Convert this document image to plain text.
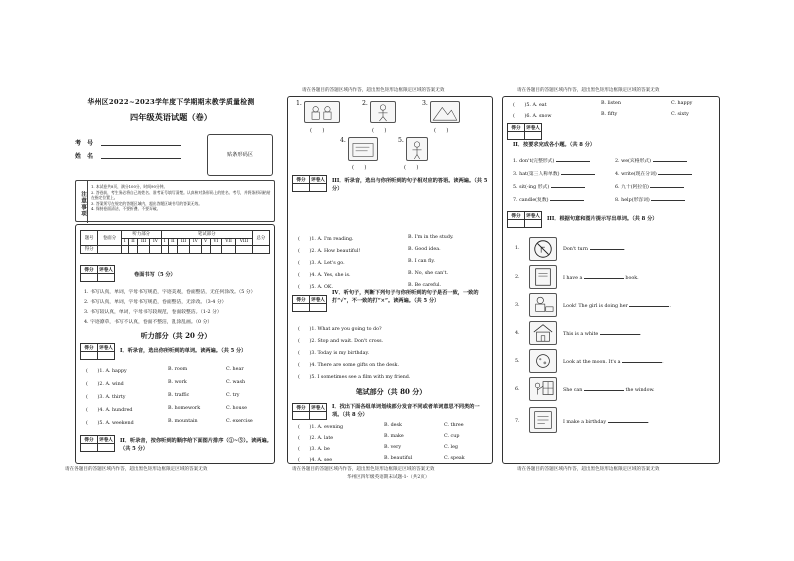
请在各题目的答题区域内作答，超出黑色矩形边框限定区域的答案无效	请在各题目的答题区域内作答，超出黑色矩形边框限定区域的答案无效
请在各题目的答题区域内作答，超出黑色矩形边框限定区域的答案无效	请在各题目的答题区域内作答，超出黑色矩形边框限定区域的答案无效	请在各题目的答题区域内作答，超出黑色矩形边框限定区域的答案无效
华州区四年级英语期末试题-1-（共2页）
华州区2022~2023学年度下学期期末教学质量检测
四年级英语试题（卷）
考　号
姓　名	贴条形码区
注意事项
1. 本试卷共8页，满分100分，时间90分钟。
2. 答卷前，考生务必将自己的姓名、准考证号填写清楚。认真核对条形码上的姓名、考号，并将条形码粘贴在指定位置上。
3. 答案须写在规定的答题区域内，超出答题区域书写的答案无效。
4. 保持卷面清洁，不要折叠、不要弄破。
题号	卷面分	听力部分				笔试部分								总分
		I	II	III	IV	I	II	III	IV	V	VI	VII	VIII	
得分														
得分	评卷人

卷面书写（5 分）
1. 书写认真，单词，字母书写规范，字迹美观，卷面整洁，无任何涂改。（5 分）
2. 书写认真，单词，字母书写规范，卷面整洁，无涂改。（3-4 分）
3. 书写较认真，单词，字母书写较规范，卷面较整洁。（1-2 分）
4. 字迹潦草，书写不认真，卷面不整洁，乱涂乱画。（0 分）
听力部分（共 20 分）
得分	评卷人
	I．听录音，选出你所听到的单词。读两遍。（共 5 分）
(　　)1. A. happy	B. room	C. hear
(　　)2. A. wind	B. work	C. wash
(　　)3. A. thirty	B. traffic	C. try
(　　)4. A. hundred	B. homework	C. house
(　　)5. A. weekend	B. mountain	C. exercise
得分	评卷人
	II．听录音，按你听到的顺序给下面图片排序（①~⑤）。读两遍。（共 5 分）
1.
(　　)
2.
(　　)
3.
(　　)
4.
(　　)
5.
(　　)
得分	评卷人
	III．听录音，选出与你所听到的句子相对应的答语。读两遍。（共 5 分）
(　　)1. A. I'm reading.	B. I'm in the study.
(　　)2. A. How beautiful!	B. Good idea.
(　　)3. A. Let's go.	B. I can fly.
(　　)4. A. Yes, she is.	B. No, she can't.
(　　)5. A. OK.	B. Be careful.
得分	评卷人

IV．听句子，判断下列句子与你所听到的句子是否一致，一致的打“√”，不一致的打“×”。读两遍。（共 5 分）
(　　)1. What are you going to do?
(　　)2. Stop and wait. Don't cross.
(　　)3. Today is my birthday.
(　　)4. There are some gifts on the desk.
(　　)5. I sometimes see a film with my friend.
笔试部分（共 80 分）
得分	评卷人
	I．找出下面各组单词划线部分发音不同或者单词意思不同类的一项。（共 8 分）
(　　)1. A. evening	B. desk	C. three
(　　)2. A. late	B. make	C. cup
(　　)3. A. be	B. very	C. leg
(　　)4. A. see	B. beautiful	C. speak
(　　)5. A. eat	B. listen	C. happy
(　　)6. A. snow	B. fifty	C. sixty
得分	评卷人

II．按要求完成各小题。（共 8 分）
1. don't(完整形式)	2. we(宾格形式)
3. hat(第三人称单数)	4. write(现在分词)
5. sit(-ing 形式)	6. 九十(阿拉伯)
7. candle(复数)	8. help(形容词)
得分	评卷人
	III．根据句意和图片提示写出单词。（共 8 分）
1.	Don't turn	.
2.	I have a	book.
3.	Look! The girl is doing her	.
4.	This is a white	.
5.	Look at the moon. It's a	.
6.	She can	the window.
7.	I make a birthday	.
